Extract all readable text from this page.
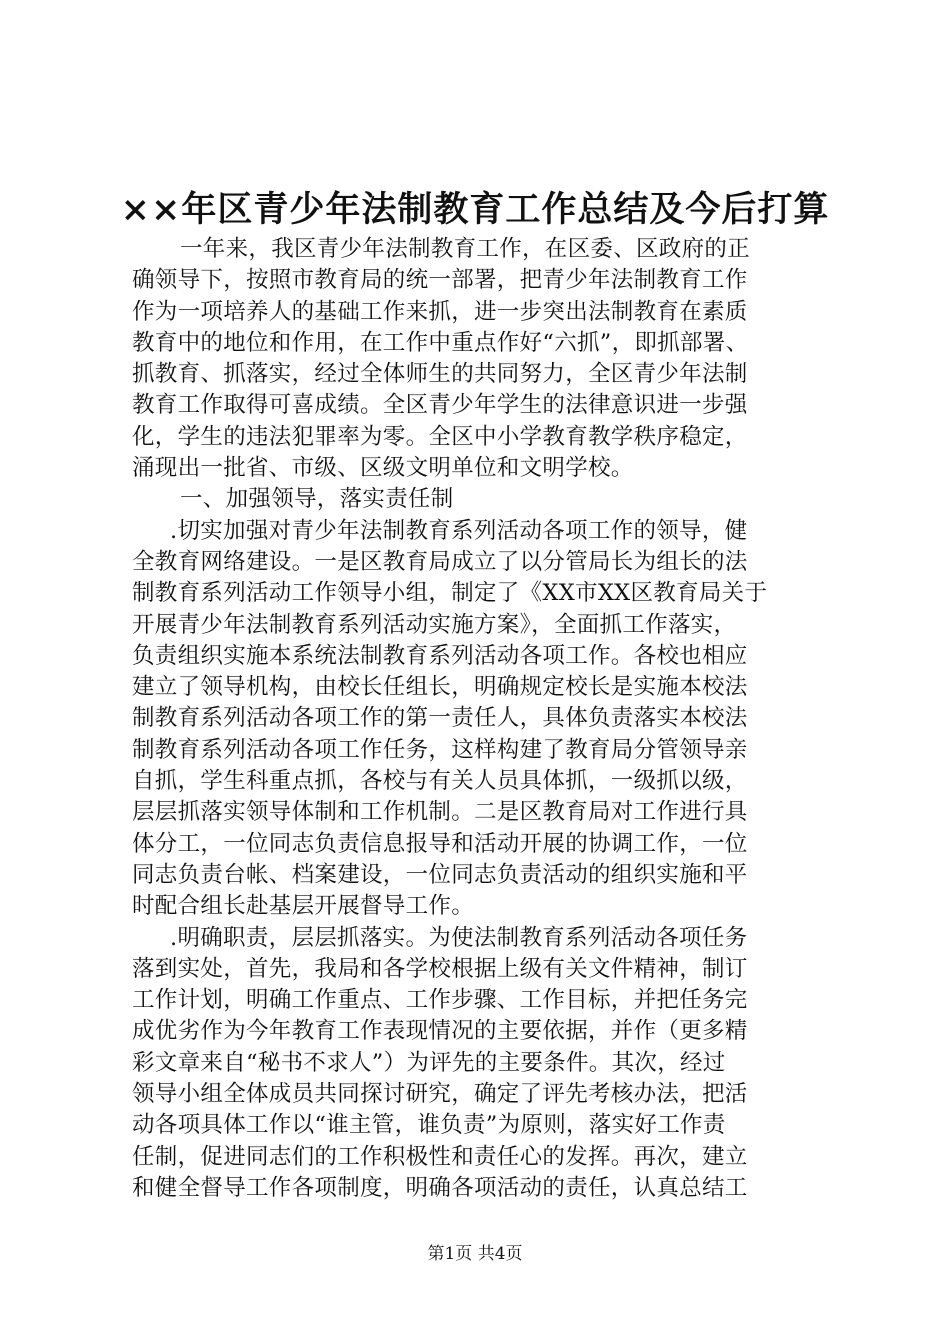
××年区青少年法制教育工作总结及今后打算
一年来，我区青少年法制教育工作，在区委、区政府的正
确领导下，按照市教育局的统一部署，把青少年法制教育工作
作为一项培养人的基础工作来抓，进一步突出法制教育在素质
教育中的地位和作用，在工作中重点作好“六抓”，即抓部署、
抓教育、抓落实，经过全体师生的共同努力，全区青少年法制
教育工作取得可喜成绩。全区青少年学生的法律意识进一步强
化，学生的违法犯罪率为零。全区中小学教育教学秩序稳定，
涌现出一批省、市级、区级文明单位和文明学校。
一、加强领导，落实责任制
.切实加强对青少年法制教育系列活动各项工作的领导，健
全教育网络建设。一是区教育局成立了以分管局长为组长的法
制教育系列活动工作领导小组，制定了《XX市XX区教育局关于
开展青少年法制教育系列活动实施方案》，全面抓工作落实，
负责组织实施本系统法制教育系列活动各项工作。各校也相应
建立了领导机构，由校长任组长，明确规定校长是实施本校法
制教育系列活动各项工作的第一责任人，具体负责落实本校法
制教育系列活动各项工作任务，这样构建了教育局分管领导亲
自抓，学生科重点抓，各校与有关人员具体抓，一级抓以级，
层层抓落实领导体制和工作机制。二是区教育局对工作进行具
体分工，一位同志负责信息报导和活动开展的协调工作，一位
同志负责台帐、档案建设，一位同志负责活动的组织实施和平
时配合组长赴基层开展督导工作。
.明确职责，层层抓落实。为使法制教育系列活动各项任务
落到实处，首先，我局和各学校根据上级有关文件精神，制订
工作计划，明确工作重点、工作步骤、工作目标，并把任务完
成优劣作为今年教育工作表现情况的主要依据，并作（更多精
彩文章来自“秘书不求人”）为评先的主要条件。其次，经过
领导小组全体成员共同探讨研究，确定了评先考核办法，把活
动各项具体工作以“谁主管，谁负责”为原则，落实好工作责
任制，促进同志们的工作积极性和责任心的发挥。再次，建立
和健全督导工作各项制度，明确各项活动的责任，认真总结工
第1页 共4页
